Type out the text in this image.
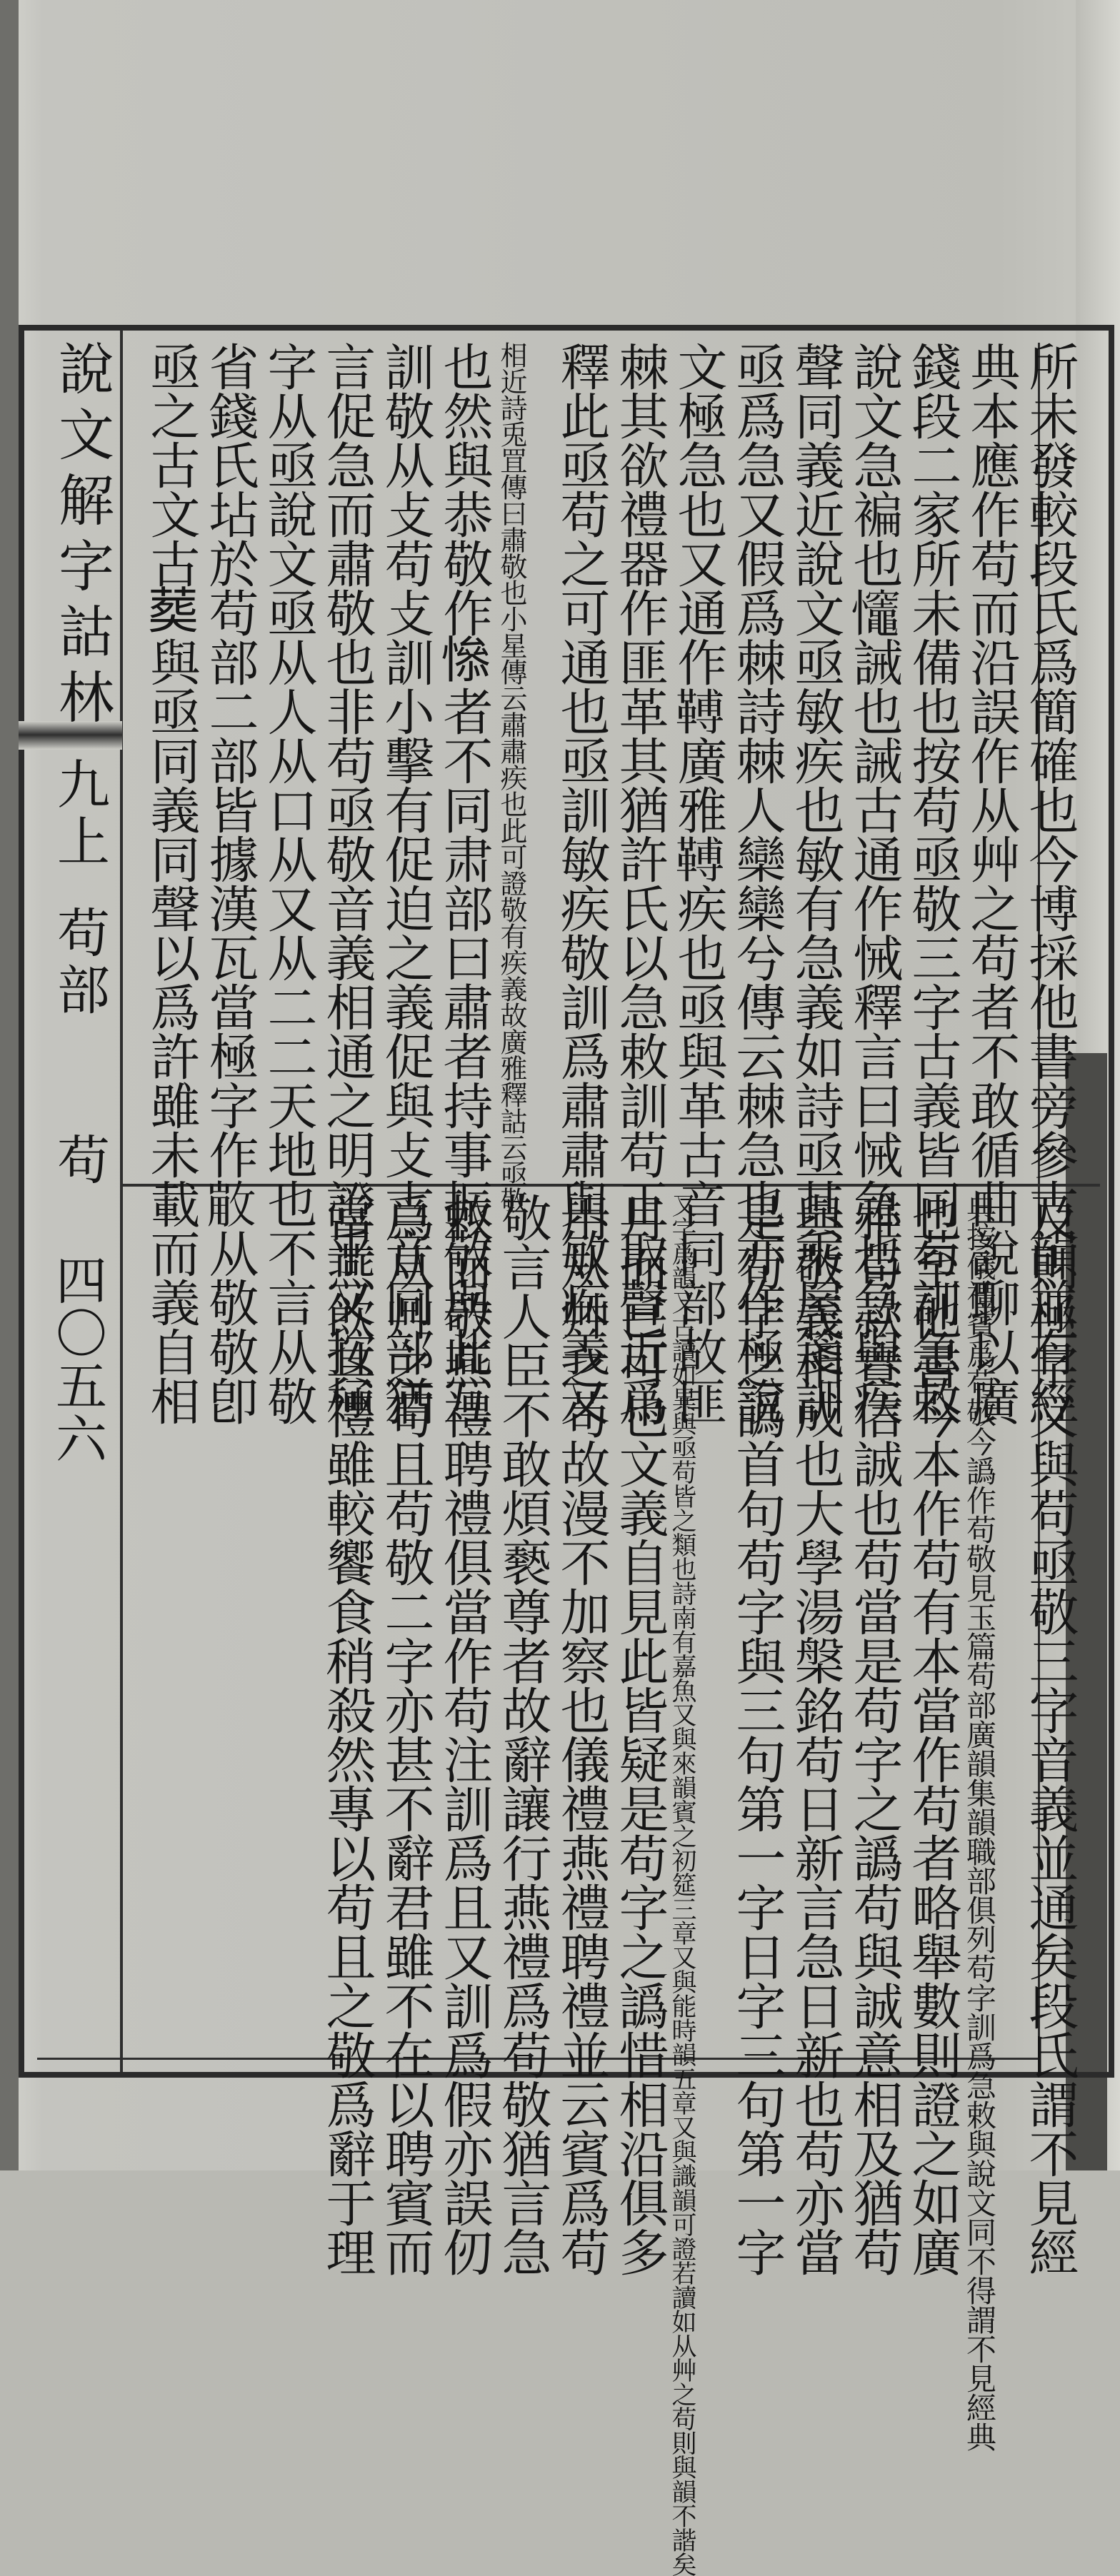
說文解字詁林
九上
苟部
苟
四〇五六	所未發較段氏爲簡確也今博採他書旁參古韻並有經
典本應作苟而沿誤作从艸之苟者不敢循曲說聊以廣
錢段二家所未備也按苟亟敬三字古義皆同苟訓急敕
說文急褊也𢥼誡也誡古通作悈釋言曰悈急也急與疾
聲同義近說文亟敏疾也敏有急義如詩亟其乘屋箋訓
亟爲急又假爲棘詩棘人欒欒兮傳云棘急也亦作極說
文極急也又通作𩌏廣雅𩌏疾也亟與革古音同部故匪
棘其欲禮器作匪革其猶許氏以急敕訓苟正取聲近爲
釋此亟苟之可通也亟訓敏疾敬訓爲肅肅與敏疾義又
相近詩兎罝傳曰肅敬也小星傳云肅肅疾也此可證敬有疾義故廣雅釋詁云亟敬
也然與恭敬作𢡖者不同肃部曰肅者持事振敬與此互
訓敬从攴苟攴訓小擊有促迫之義促與攴古音同部猶
言促急而肅敬也非苟亟敬音義相通之明證乎又按極
字从亟說文亟从人从口从又从二二天地也不言从敬
省錢氏坫於苟部二部皆據漢瓦當極字作𢽸从敬敬卽
亟之古文古𦵏與亟同義同聲以爲許雖未載而義自相
及則極字又與苟亟敬三字音義並通矣段氏謂不見經
典按儀禮賓爲苟敬今譌作苟敬見玉篇苟部廣韻集韻職部俱列苟字訓爲急敕與說文同不得謂不見經典
也至他書今本作苟有本當作苟者略舉數則證之如廣
雅苟款實信誠也苟當是苟字之譌苟與誠意相及猶苟
與敬義相成也大學湯槃銘苟日新言急日新也苟亦當
是苟字之譌首句苟字與三句第一字日字三句第一字
又字爲韻又古讀如異與亟苟皆之類也詩南有嘉魚又與來韻賓之初筵三章又與能時韻五章又與識韻可證若讀如从艸之苟則與韻不諧矣
月而已可也文義自見此皆疑是苟字之譌惜相沿俱多
用从艸之苟故漫不加察也儀禮燕禮聘禮並云賓爲苟
敬言人臣不敢煩褻尊者故辭讓行燕禮爲苟敬猶言急
敕而敬燕禮聘禮俱當作苟注訓爲且又訓爲假亦誤仞
爲从艸之苟且苟敬二字亦甚不辭君雖不在以聘賓而
當燕飲其禮雖較饗食稍殺然專以苟且之敬爲辭于理
